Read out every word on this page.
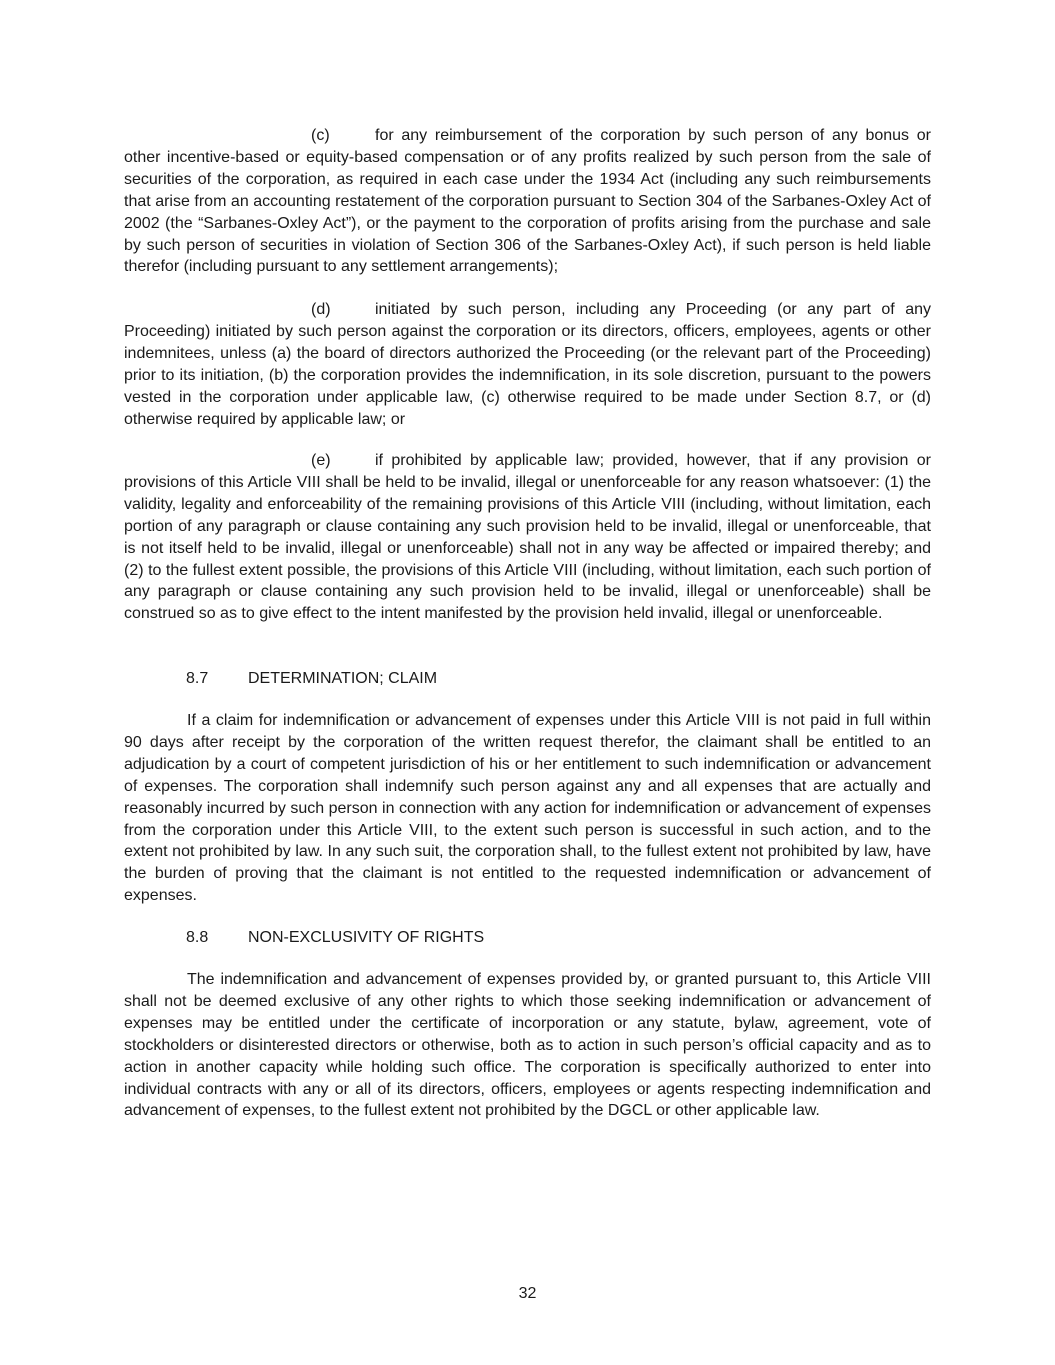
(c)	for any reimbursement of the corporation by such person of any bonus or other incentive-based or equity-based compensation or of any profits realized by such person from the sale of securities of the corporation, as required in each case under the 1934 Act (including any such reimbursements that arise from an accounting restatement of the corporation pursuant to Section 304 of the Sarbanes-Oxley Act of 2002 (the “Sarbanes-Oxley Act”), or the payment to the corporation of profits arising from the purchase and sale by such person of securities in violation of Section 306 of the Sarbanes-Oxley Act), if such person is held liable therefor (including pursuant to any settlement arrangements);

(d)	initiated by such person, including any Proceeding (or any part of any Proceeding) initiated by such person against the corporation or its directors, officers, employees, agents or other indemnitees, unless (a) the board of directors authorized the Proceeding (or the relevant part of the Proceeding) prior to its initiation, (b) the corporation provides the indemnification, in its sole discretion, pursuant to the powers vested in the corporation under applicable law, (c) otherwise required to be made under Section 8.7, or (d) otherwise required by applicable law; or

(e)	if prohibited by applicable law; provided, however, that if any provision or provisions of this Article VIII shall be held to be invalid, illegal or unenforceable for any reason whatsoever: (1) the validity, legality and enforceability of the remaining provisions of this Article VIII (including, without limitation, each portion of any paragraph or clause containing any such provision held to be invalid, illegal or unenforceable, that is not itself held to be invalid, illegal or unenforceable) shall not in any way be affected or impaired thereby; and (2) to the fullest extent possible, the provisions of this Article VIII (including, without limitation, each such portion of any paragraph or clause containing any such provision held to be invalid, illegal or unenforceable) shall be construed so as to give effect to the intent manifested by the provision held invalid, illegal or unenforceable.

8.7 DETERMINATION; CLAIM

If a claim for indemnification or advancement of expenses under this Article VIII is not paid in full within 90 days after receipt by the corporation of the written request therefor, the claimant shall be entitled to an adjudication by a court of competent jurisdiction of his or her entitlement to such indemnification or advancement of expenses. The corporation shall indemnify such person against any and all expenses that are actually and reasonably incurred by such person in connection with any action for indemnification or advancement of expenses from the corporation under this Article VIII, to the extent such person is successful in such action, and to the extent not prohibited by law. In any such suit, the corporation shall, to the fullest extent not prohibited by law, have the burden of proving that the claimant is not entitled to the requested indemnification or advancement of expenses.

8.8 NON-EXCLUSIVITY OF RIGHTS

The indemnification and advancement of expenses provided by, or granted pursuant to, this Article VIII shall not be deemed exclusive of any other rights to which those seeking indemnification or advancement of expenses may be entitled under the certificate of incorporation or any statute, bylaw, agreement, vote of stockholders or disinterested directors or otherwise, both as to action in such person’s official capacity and as to action in another capacity while holding such office. The corporation is specifically authorized to enter into individual contracts with any or all of its directors, officers, employees or agents respecting indemnification and advancement of expenses, to the fullest extent not prohibited by the DGCL or other applicable law.

32
